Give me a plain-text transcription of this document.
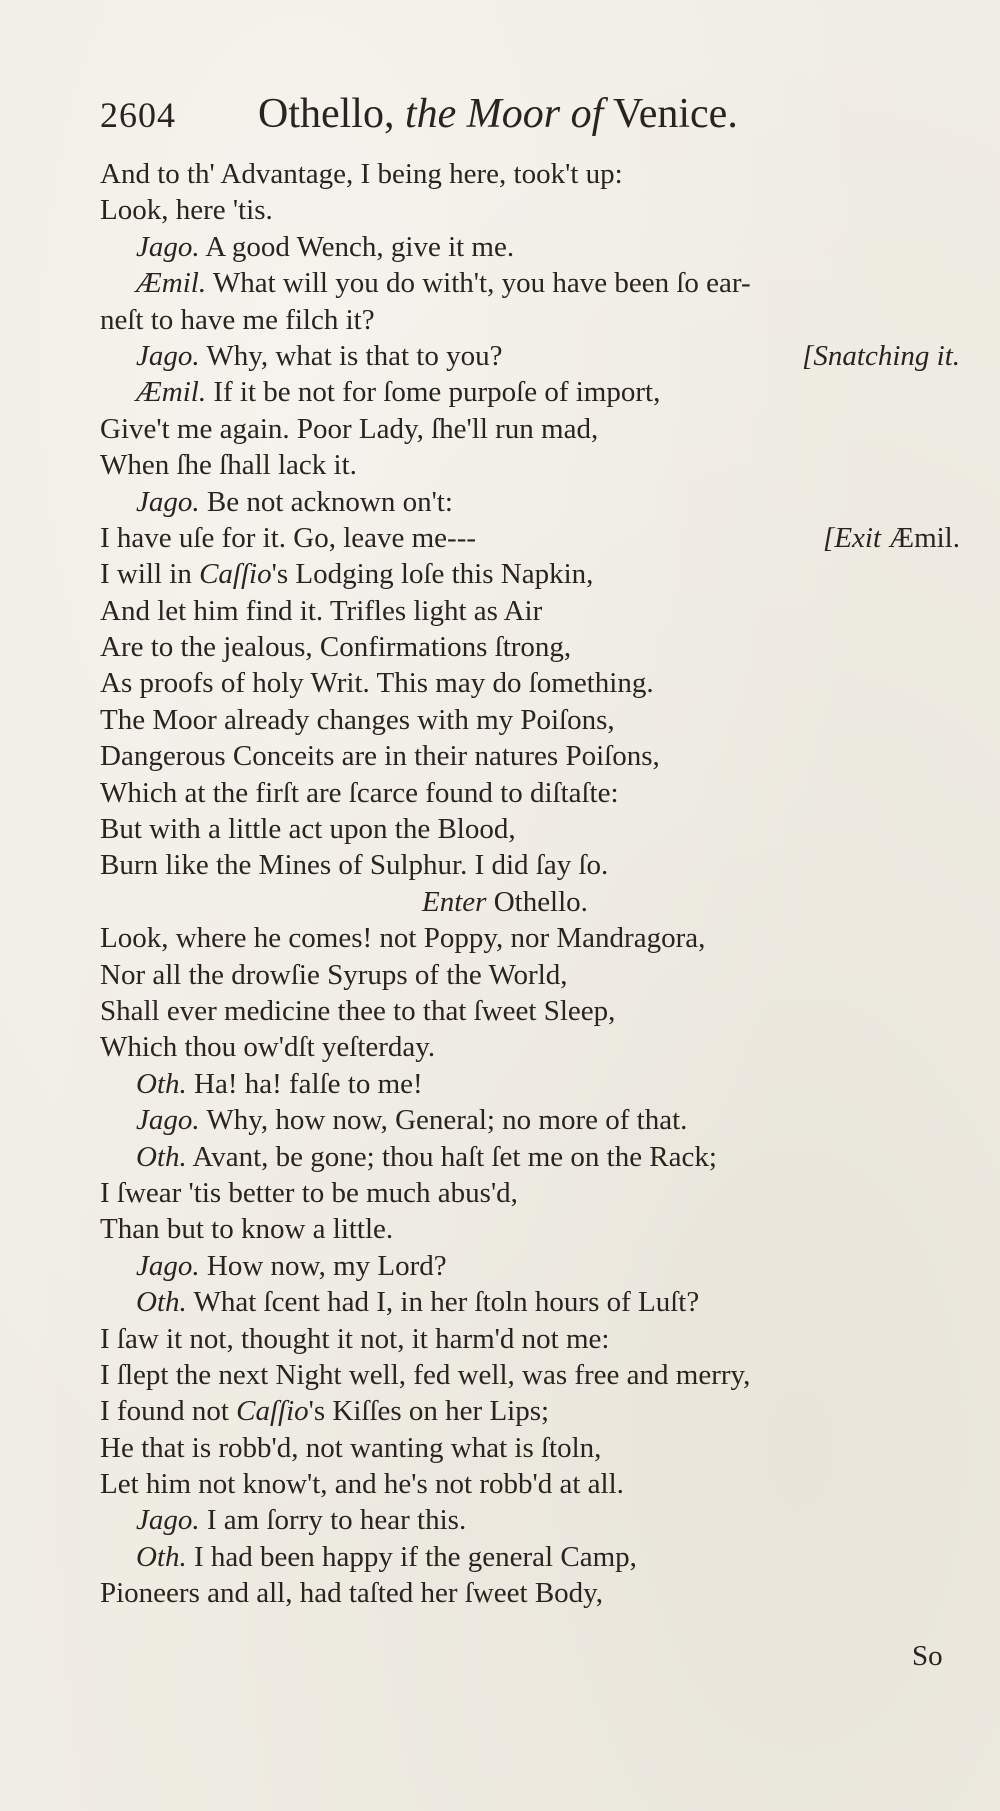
2604 Othello, the Moor of Venice.
And to th' Advantage, I being here, took't up:
Look, here 'tis.
Jago. A good Wench, give it me.
Æmil. What will you do with't, you have been ſo ear-
neſt to have me filch it?
Jago. Why, what is that to you?	[Snatching it.
Æmil. If it be not for ſome purpoſe of import,
Give't me again. Poor Lady, ſhe'll run mad,
When ſhe ſhall lack it.
Jago. Be not acknown on't:
I have uſe for it. Go, leave me---	[Exit Æmil.
I will in Caſſio's Lodging loſe this Napkin,
And let him find it. Trifles light as Air
Are to the jealous, Confirmations ſtrong,
As proofs of holy Writ. This may do ſomething.
The Moor already changes with my Poiſons,
Dangerous Conceits are in their natures Poiſons,
Which at the firſt are ſcarce found to diſtaſte:
But with a little act upon the Blood,
Burn like the Mines of Sulphur. I did ſay ſo.
Enter Othello.
Look, where he comes! not Poppy, nor Mandragora,
Nor all the drowſie Syrups of the World,
Shall ever medicine thee to that ſweet Sleep,
Which thou ow'dſt yeſterday.
Oth. Ha! ha! falſe to me!
Jago. Why, how now, General; no more of that.
Oth. Avant, be gone; thou haſt ſet me on the Rack;
I ſwear 'tis better to be much abus'd,
Than but to know a little.
Jago. How now, my Lord?
Oth. What ſcent had I, in her ſtoln hours of Luſt?
I ſaw it not, thought it not, it harm'd not me:
I ſlept the next Night well, fed well, was free and merry,
I found not Caſſio's Kiſſes on her Lips;
He that is robb'd, not wanting what is ſtoln,
Let him not know't, and he's not robb'd at all.
Jago. I am ſorry to hear this.
Oth. I had been happy if the general Camp,
Pioneers and all, had taſted her ſweet Body,
So
